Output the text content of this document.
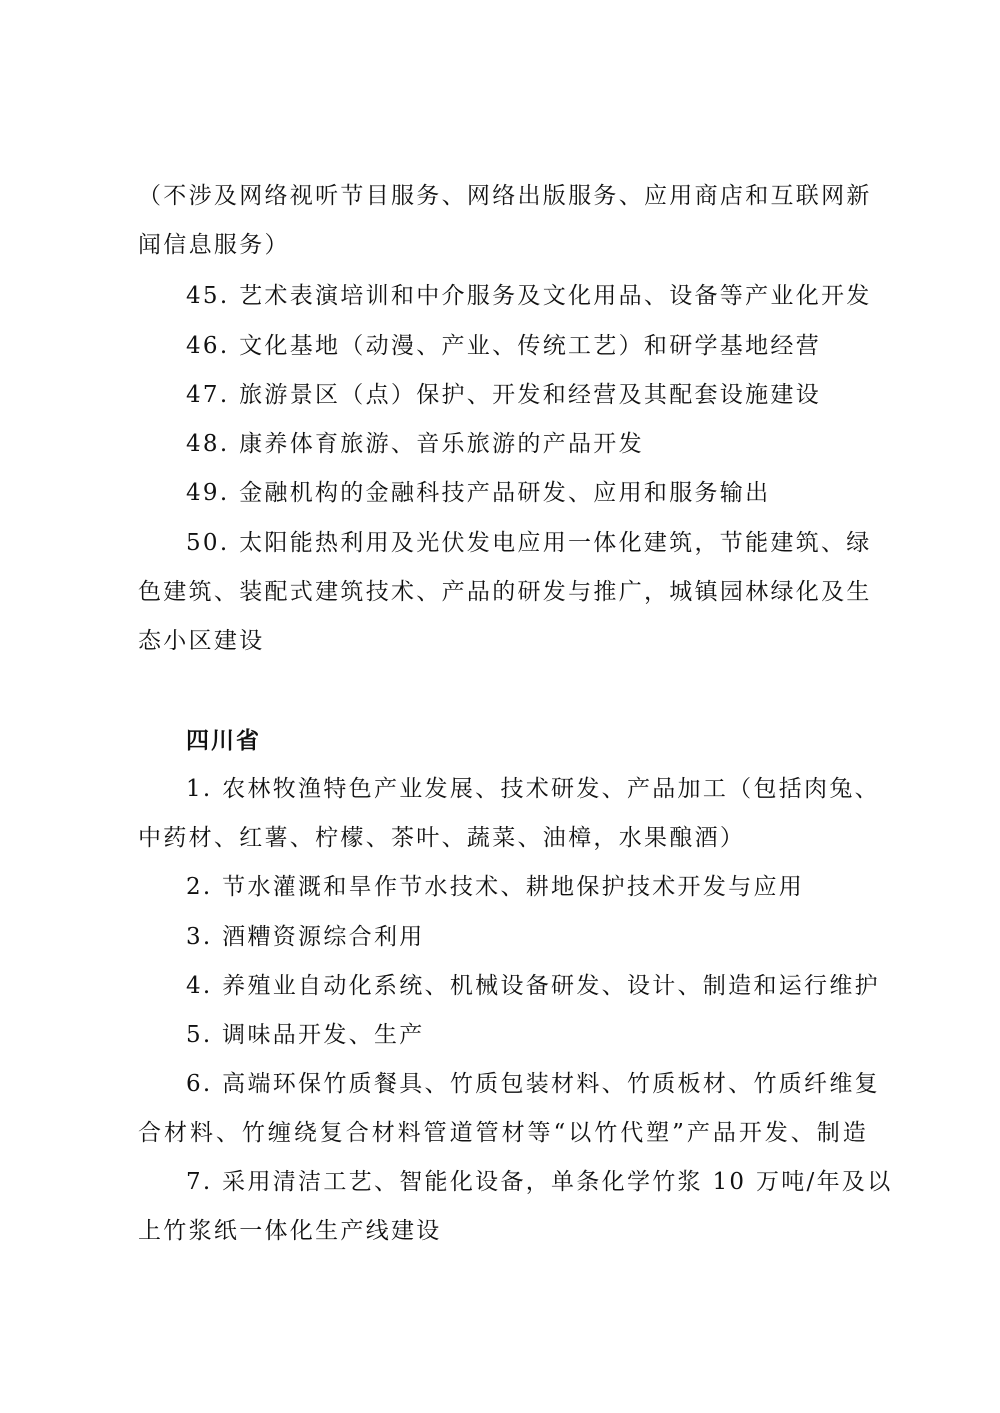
（不涉及网络视听节目服务、网络出版服务、应用商店和互联网新
闻信息服务）
45. 艺术表演培训和中介服务及文化用品、设备等产业化开发
46. 文化基地（动漫、产业、传统工艺）和研学基地经营
47. 旅游景区（点）保护、开发和经营及其配套设施建设
48. 康养体育旅游、音乐旅游的产品开发
49. 金融机构的金融科技产品研发、应用和服务输出
50. 太阳能热利用及光伏发电应用一体化建筑，节能建筑、绿
色建筑、装配式建筑技术、产品的研发与推广，城镇园林绿化及生
态小区建设
四川省
1. 农林牧渔特色产业发展、技术研发、产品加工（包括肉兔、
中药材、红薯、柠檬、茶叶、蔬菜、油樟，水果酿酒）
2. 节水灌溉和旱作节水技术、耕地保护技术开发与应用
3. 酒糟资源综合利用
4. 养殖业自动化系统、机械设备研发、设计、制造和运行维护
5. 调味品开发、生产
6. 高端环保竹质餐具、竹质包装材料、竹质板材、竹质纤维复
合材料、竹缠绕复合材料管道管材等“以竹代塑”产品开发、制造
7. 采用清洁工艺、智能化设备，单条化学竹浆 10 万吨/年及以
上竹浆纸一体化生产线建设
